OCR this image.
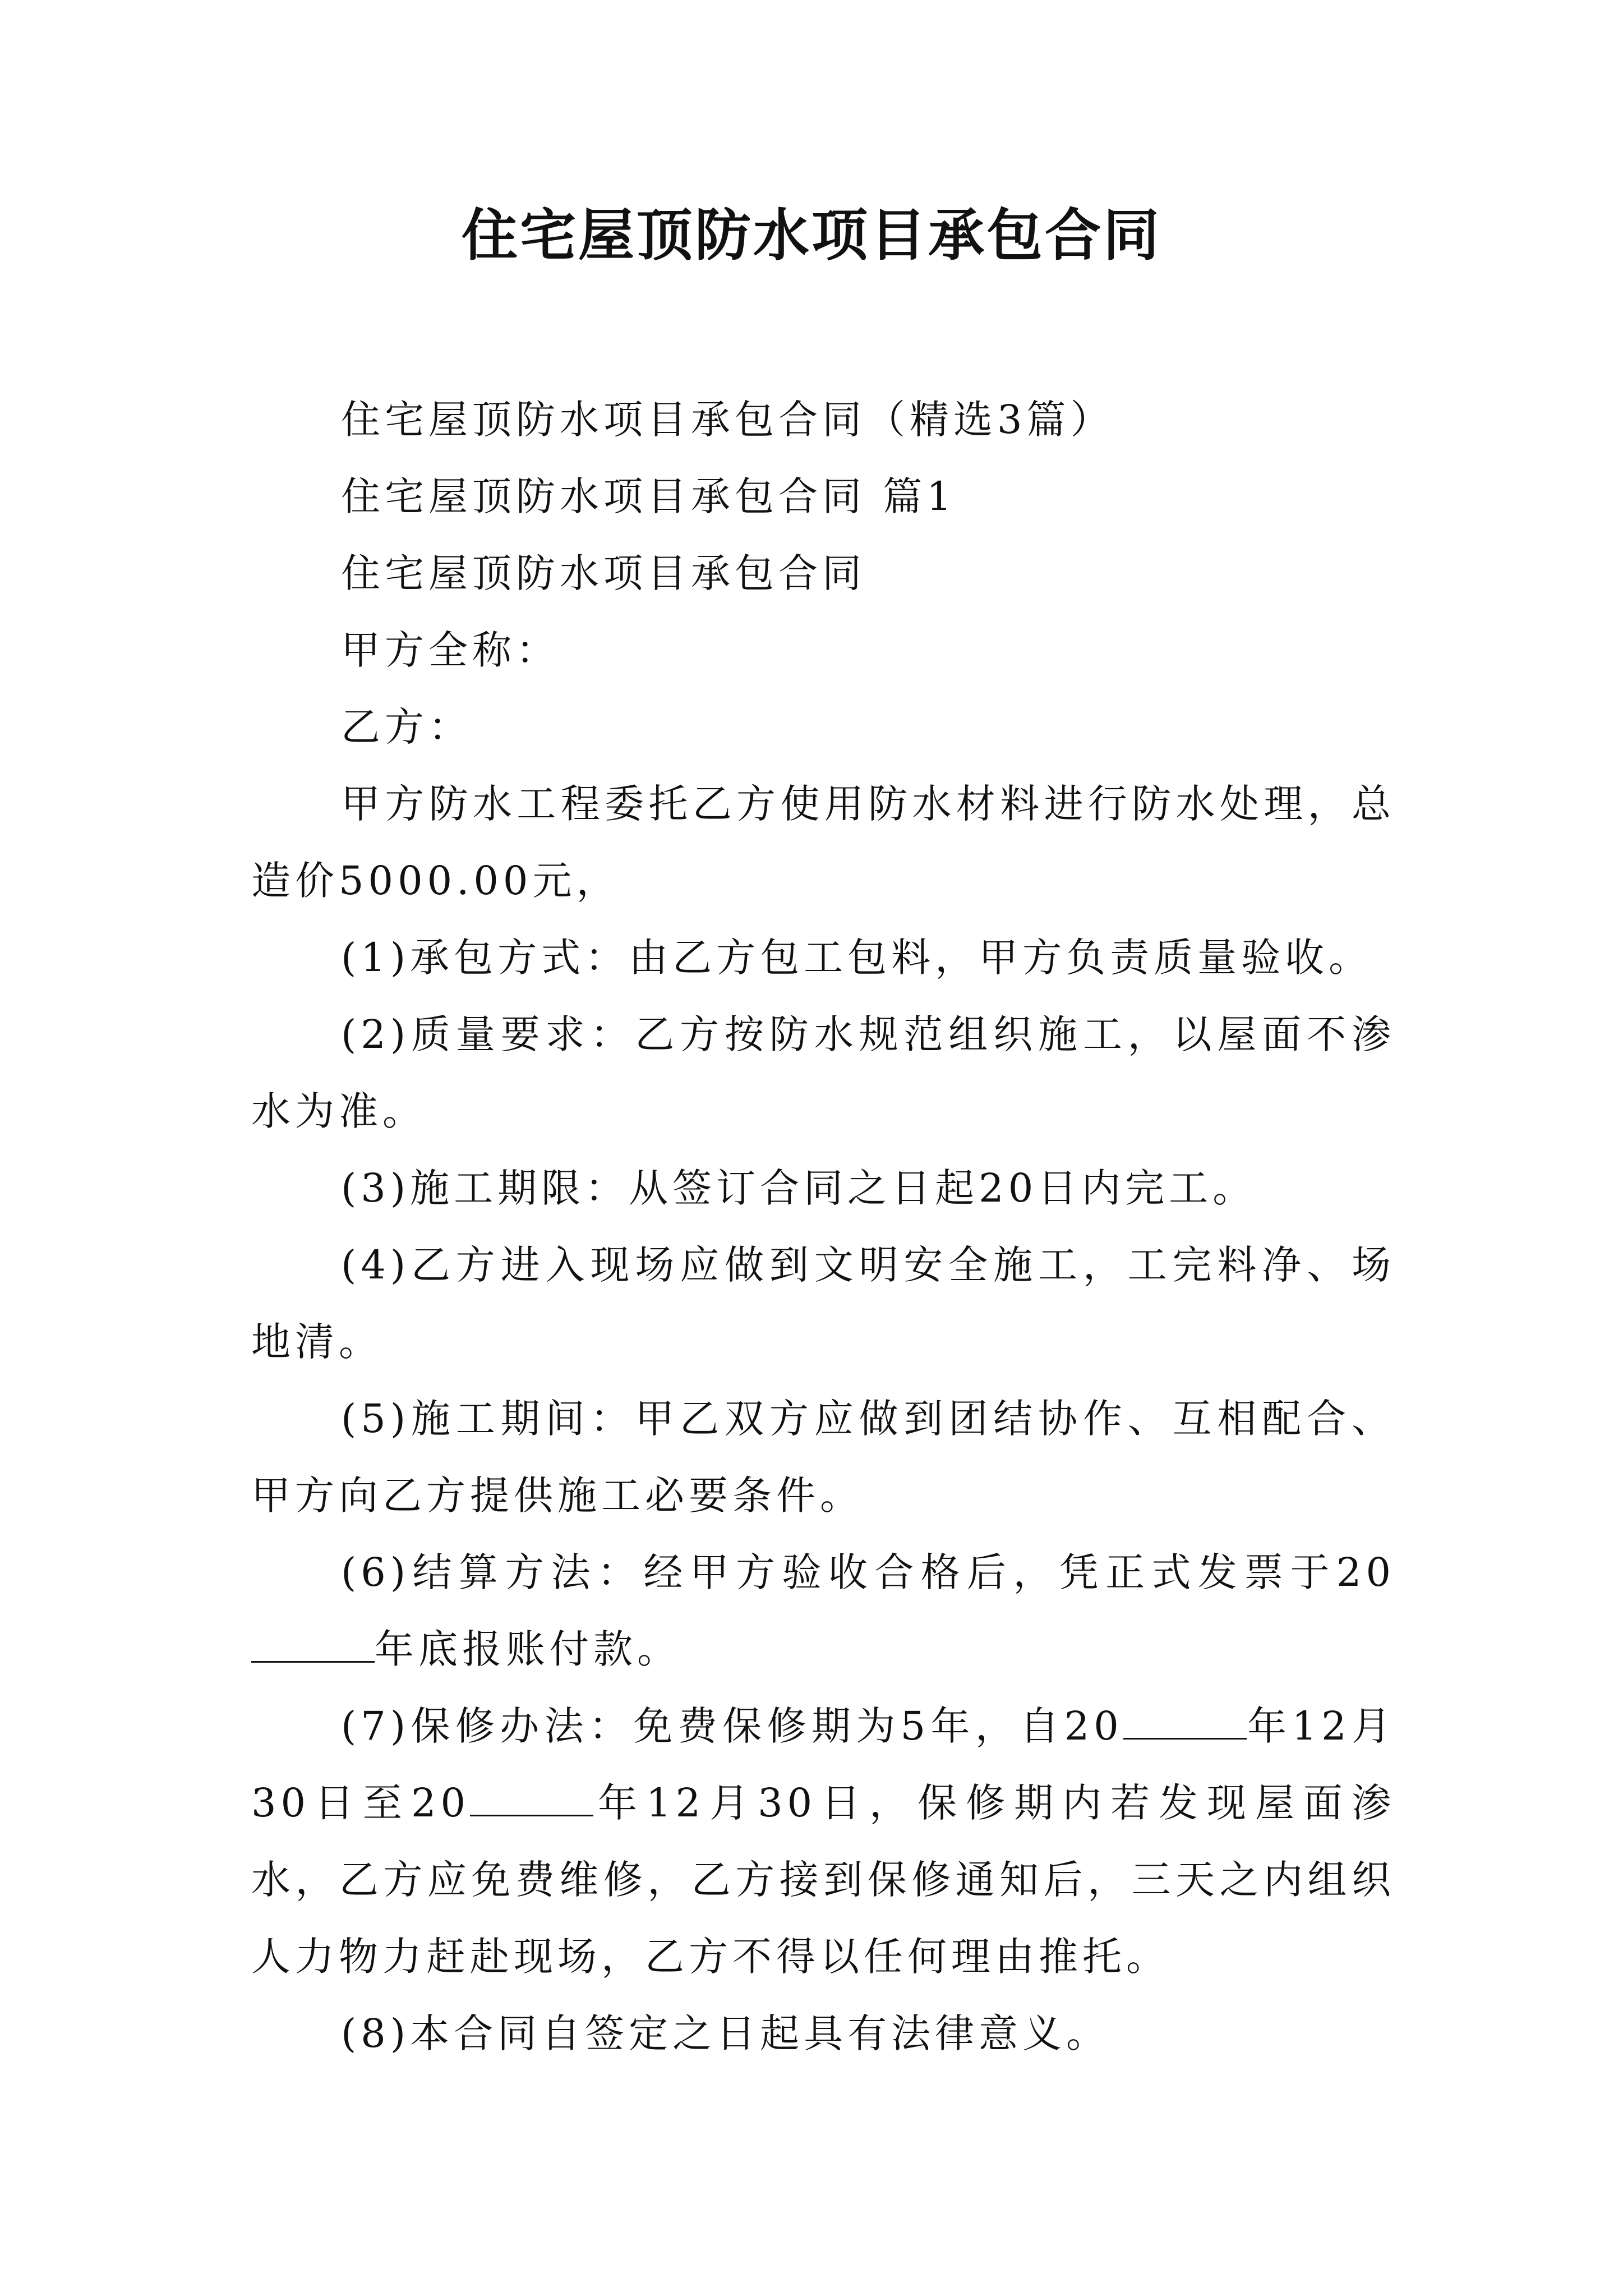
住宅屋顶防水项目承包合同

住宅屋顶防水项目承包合同（精选3篇）

住宅屋顶防水项目承包合同 篇1

住宅屋顶防水项目承包合同

甲方全称：

乙方：

甲方防水工程委托乙方使用防水材料进行防水处理，总造价5000.00元，

(1)承包方式：由乙方包工包料，甲方负责质量验收。

(2)质量要求：乙方按防水规范组织施工，以屋面不渗水为准。

(3)施工期限：从签订合同之日起20日内完工。

(4)乙方进入现场应做到文明安全施工，工完料净、场地清。

(5)施工期间：甲乙双方应做到团结协作、互相配合、甲方向乙方提供施工必要条件。

(6)结算方法：经甲方验收合格后，凭正式发票于20年底报账付款。

(7)保修办法：免费保修期为5年，自20	年12月30日至20	年12月30日，保修期内若发现屋面渗水，乙方应免费维修，乙方接到保修通知后，三天之内组织人力物力赶赴现场，乙方不得以任何理由推托。

(8)本合同自签定之日起具有法律意义。
